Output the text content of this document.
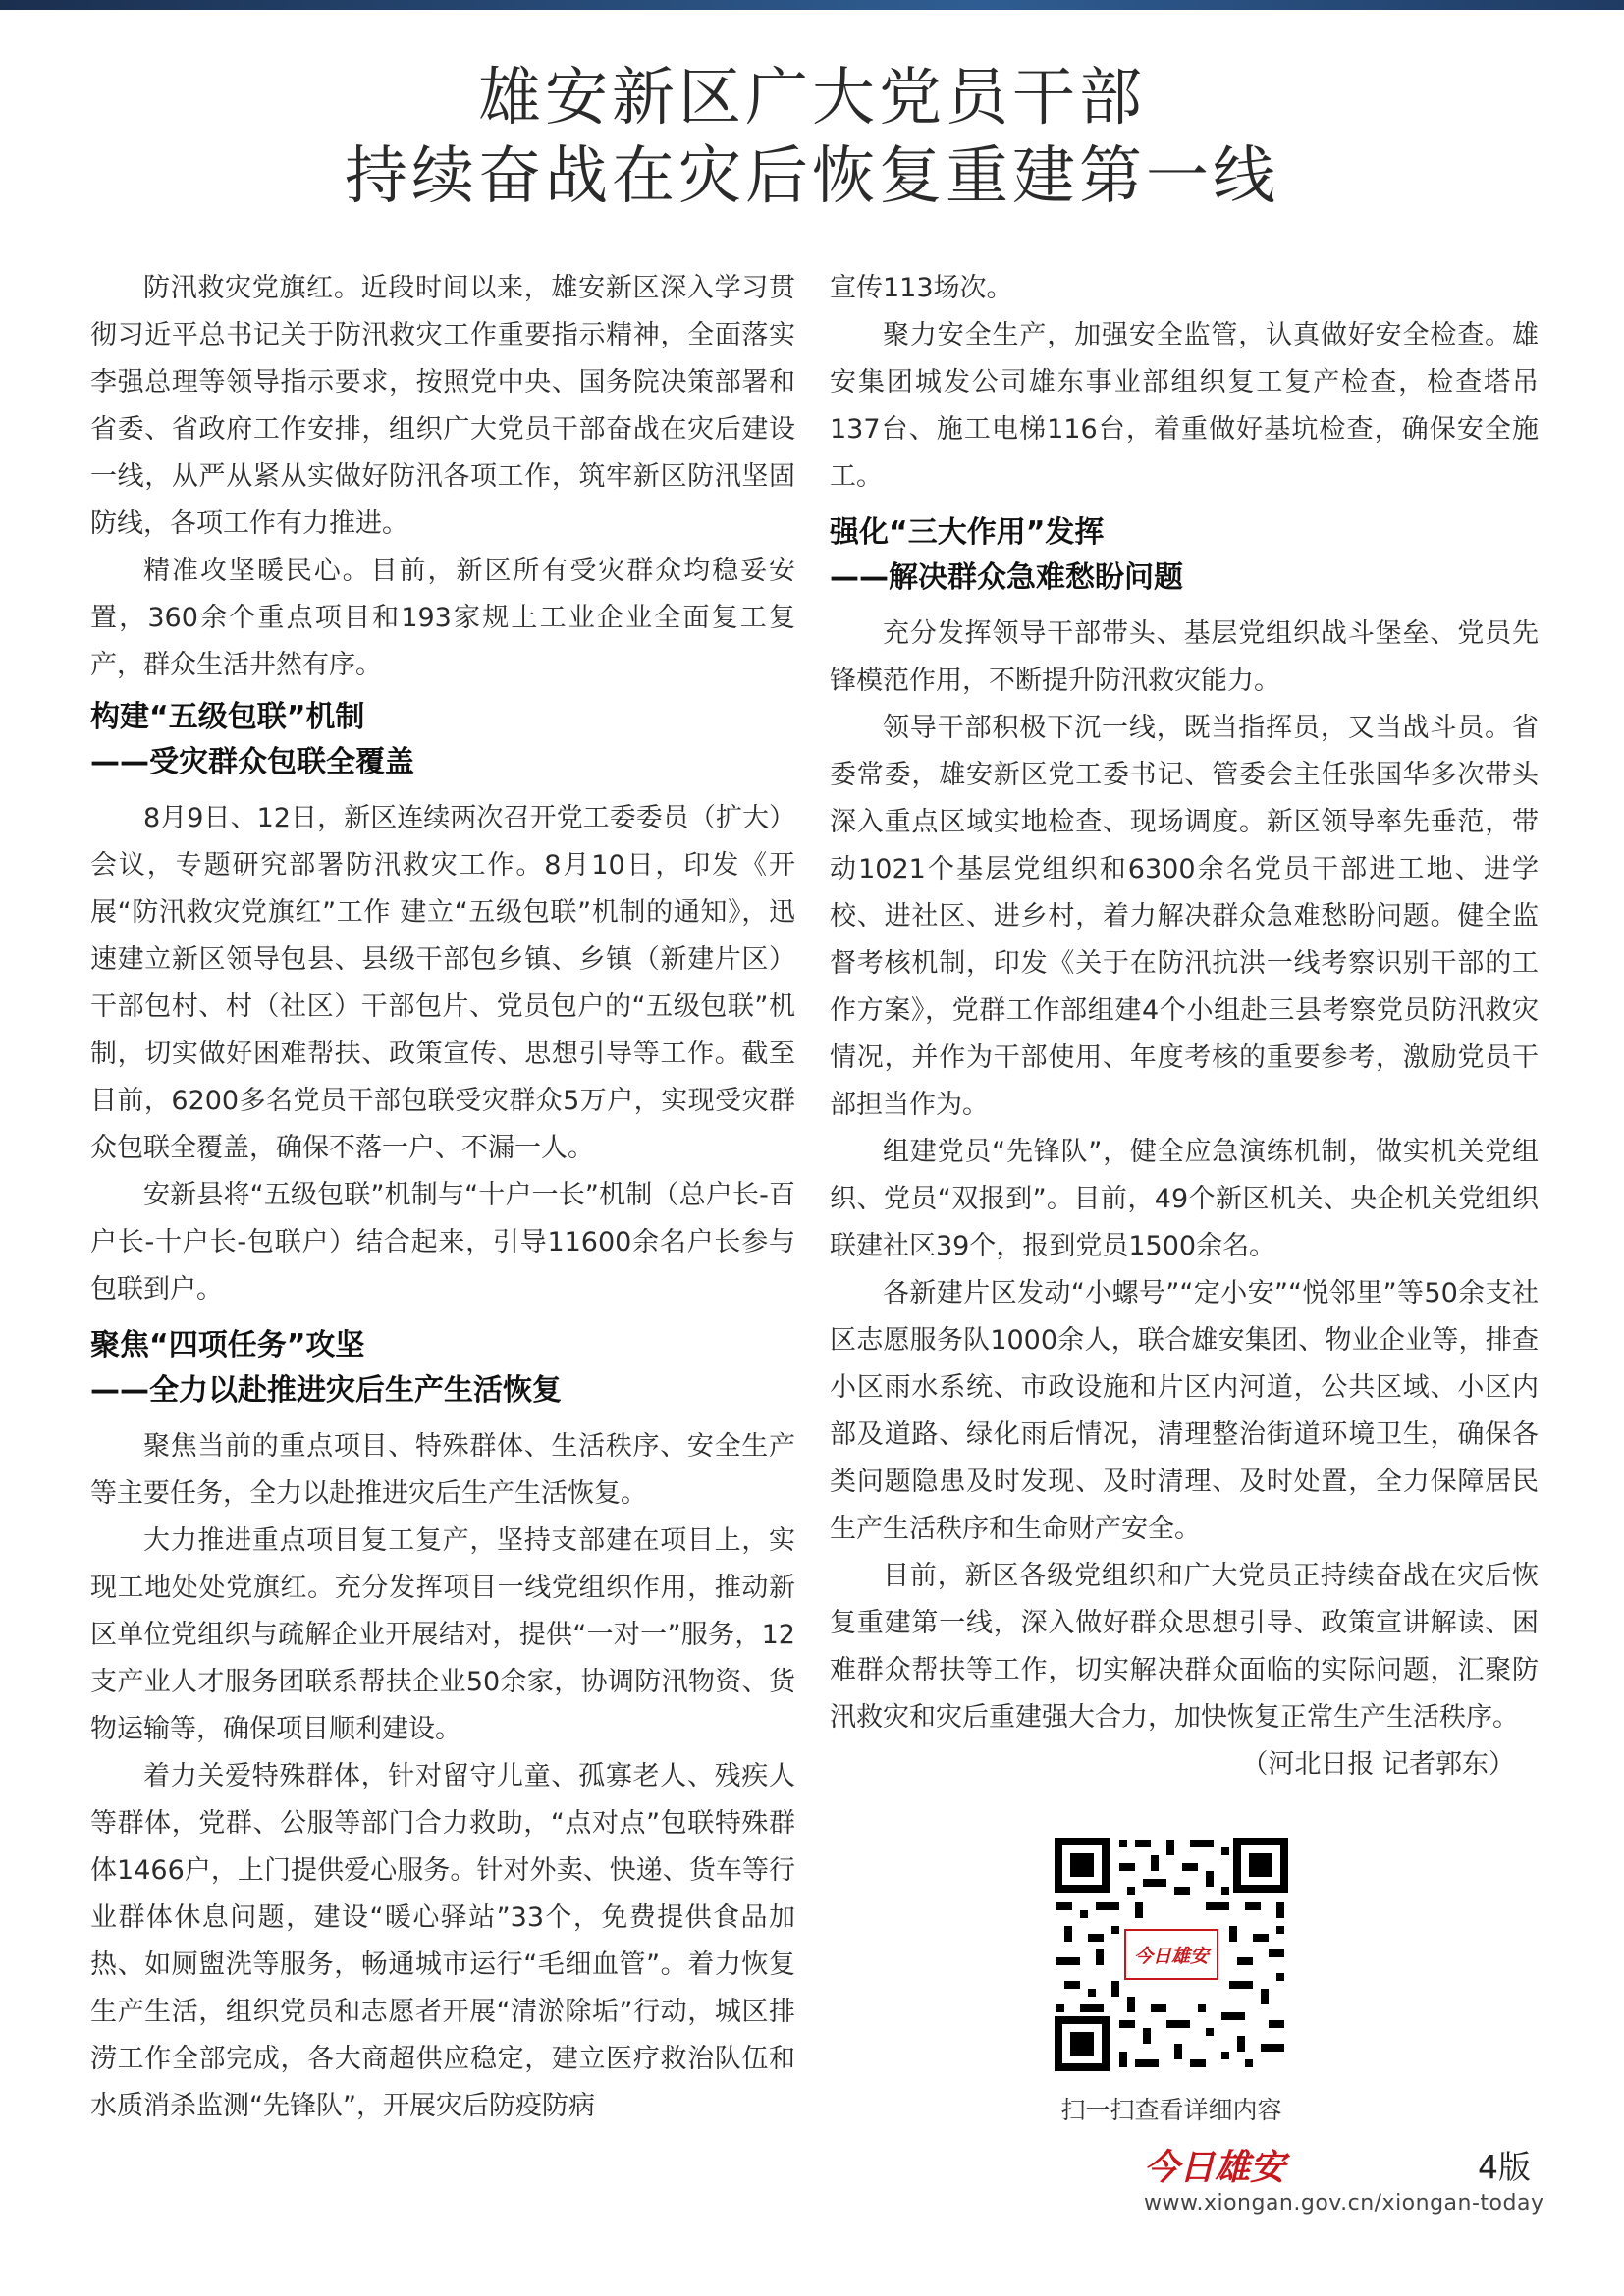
雄安新区广大党员干部
持续奋战在灾后恢复重建第一线

防汛救灾党旗红。近段时间以来，雄安新区深入学习贯彻习近平总书记关于防汛救灾工作重要指示精神，全面落实李强总理等领导指示要求，按照党中央、国务院决策部署和省委、省政府工作安排，组织广大党员干部奋战在灾后建设一线，从严从紧从实做好防汛各项工作，筑牢新区防汛坚固防线，各项工作有力推进。

精准攻坚暖民心。目前，新区所有受灾群众均稳妥安置，360余个重点项目和193家规上工业企业全面复工复产，群众生活井然有序。

构建“五级包联”机制
——受灾群众包联全覆盖

8月9日、12日，新区连续两次召开党工委委员（扩大）会议，专题研究部署防汛救灾工作。8月10日，印发《开展“防汛救灾党旗红”工作 建立“五级包联”机制的通知》，迅速建立新区领导包县、县级干部包乡镇、乡镇（新建片区）干部包村、村（社区）干部包片、党员包户的“五级包联”机制，切实做好困难帮扶、政策宣传、思想引导等工作。截至目前，6200多名党员干部包联受灾群众5万户，实现受灾群众包联全覆盖，确保不落一户、不漏一人。

安新县将“五级包联”机制与“十户一长”机制（总户长-百户长-十户长-包联户）结合起来，引导11600余名户长参与包联到户。

聚焦“四项任务”攻坚
——全力以赴推进灾后生产生活恢复

聚焦当前的重点项目、特殊群体、生活秩序、安全生产等主要任务，全力以赴推进灾后生产生活恢复。

大力推进重点项目复工复产，坚持支部建在项目上，实现工地处处党旗红。充分发挥项目一线党组织作用，推动新区单位党组织与疏解企业开展结对，提供“一对一”服务，12支产业人才服务团联系帮扶企业50余家，协调防汛物资、货物运输等，确保项目顺利建设。

着力关爱特殊群体，针对留守儿童、孤寡老人、残疾人等群体，党群、公服等部门合力救助，“点对点”包联特殊群体1466户，上门提供爱心服务。针对外卖、快递、货车等行业群体休息问题，建设“暖心驿站”33个，免费提供食品加热、如厕盥洗等服务，畅通城市运行“毛细血管”。着力恢复生产生活，组织党员和志愿者开展“清淤除垢”行动，城区排涝工作全部完成，各大商超供应稳定，建立医疗救治队伍和水质消杀监测“先锋队”，开展灾后防疫防病

宣传113场次。

聚力安全生产，加强安全监管，认真做好安全检查。雄安集团城发公司雄东事业部组织复工复产检查，检查塔吊137台、施工电梯116台，着重做好基坑检查，确保安全施工。

强化“三大作用”发挥
——解决群众急难愁盼问题

充分发挥领导干部带头、基层党组织战斗堡垒、党员先锋模范作用，不断提升防汛救灾能力。

领导干部积极下沉一线，既当指挥员，又当战斗员。省委常委，雄安新区党工委书记、管委会主任张国华多次带头深入重点区域实地检查、现场调度。新区领导率先垂范，带动1021个基层党组织和6300余名党员干部进工地、进学校、进社区、进乡村，着力解决群众急难愁盼问题。健全监督考核机制，印发《关于在防汛抗洪一线考察识别干部的工作方案》，党群工作部组建4个小组赴三县考察党员防汛救灾情况，并作为干部使用、年度考核的重要参考，激励党员干部担当作为。

组建党员“先锋队”，健全应急演练机制，做实机关党组织、党员“双报到”。目前，49个新区机关、央企机关党组织联建社区39个，报到党员1500余名。

各新建片区发动“小螺号”“定小安”“悦邻里”等50余支社区志愿服务队1000余人，联合雄安集团、物业企业等，排查小区雨水系统、市政设施和片区内河道，公共区域、小区内部及道路、绿化雨后情况，清理整治街道环境卫生，确保各类问题隐患及时发现、及时清理、及时处置，全力保障居民生产生活秩序和生命财产安全。

目前，新区各级党组织和广大党员正持续奋战在灾后恢复重建第一线，深入做好群众思想引导、政策宣讲解读、困难群众帮扶等工作，切实解决群众面临的实际问题，汇聚防汛救灾和灾后重建强大合力，加快恢复正常生产生活秩序。
（河北日报 记者郭东）

今日雄安
扫一扫查看详细内容
今日雄安	4版
www.xiongan.gov.cn/xiongan-today
